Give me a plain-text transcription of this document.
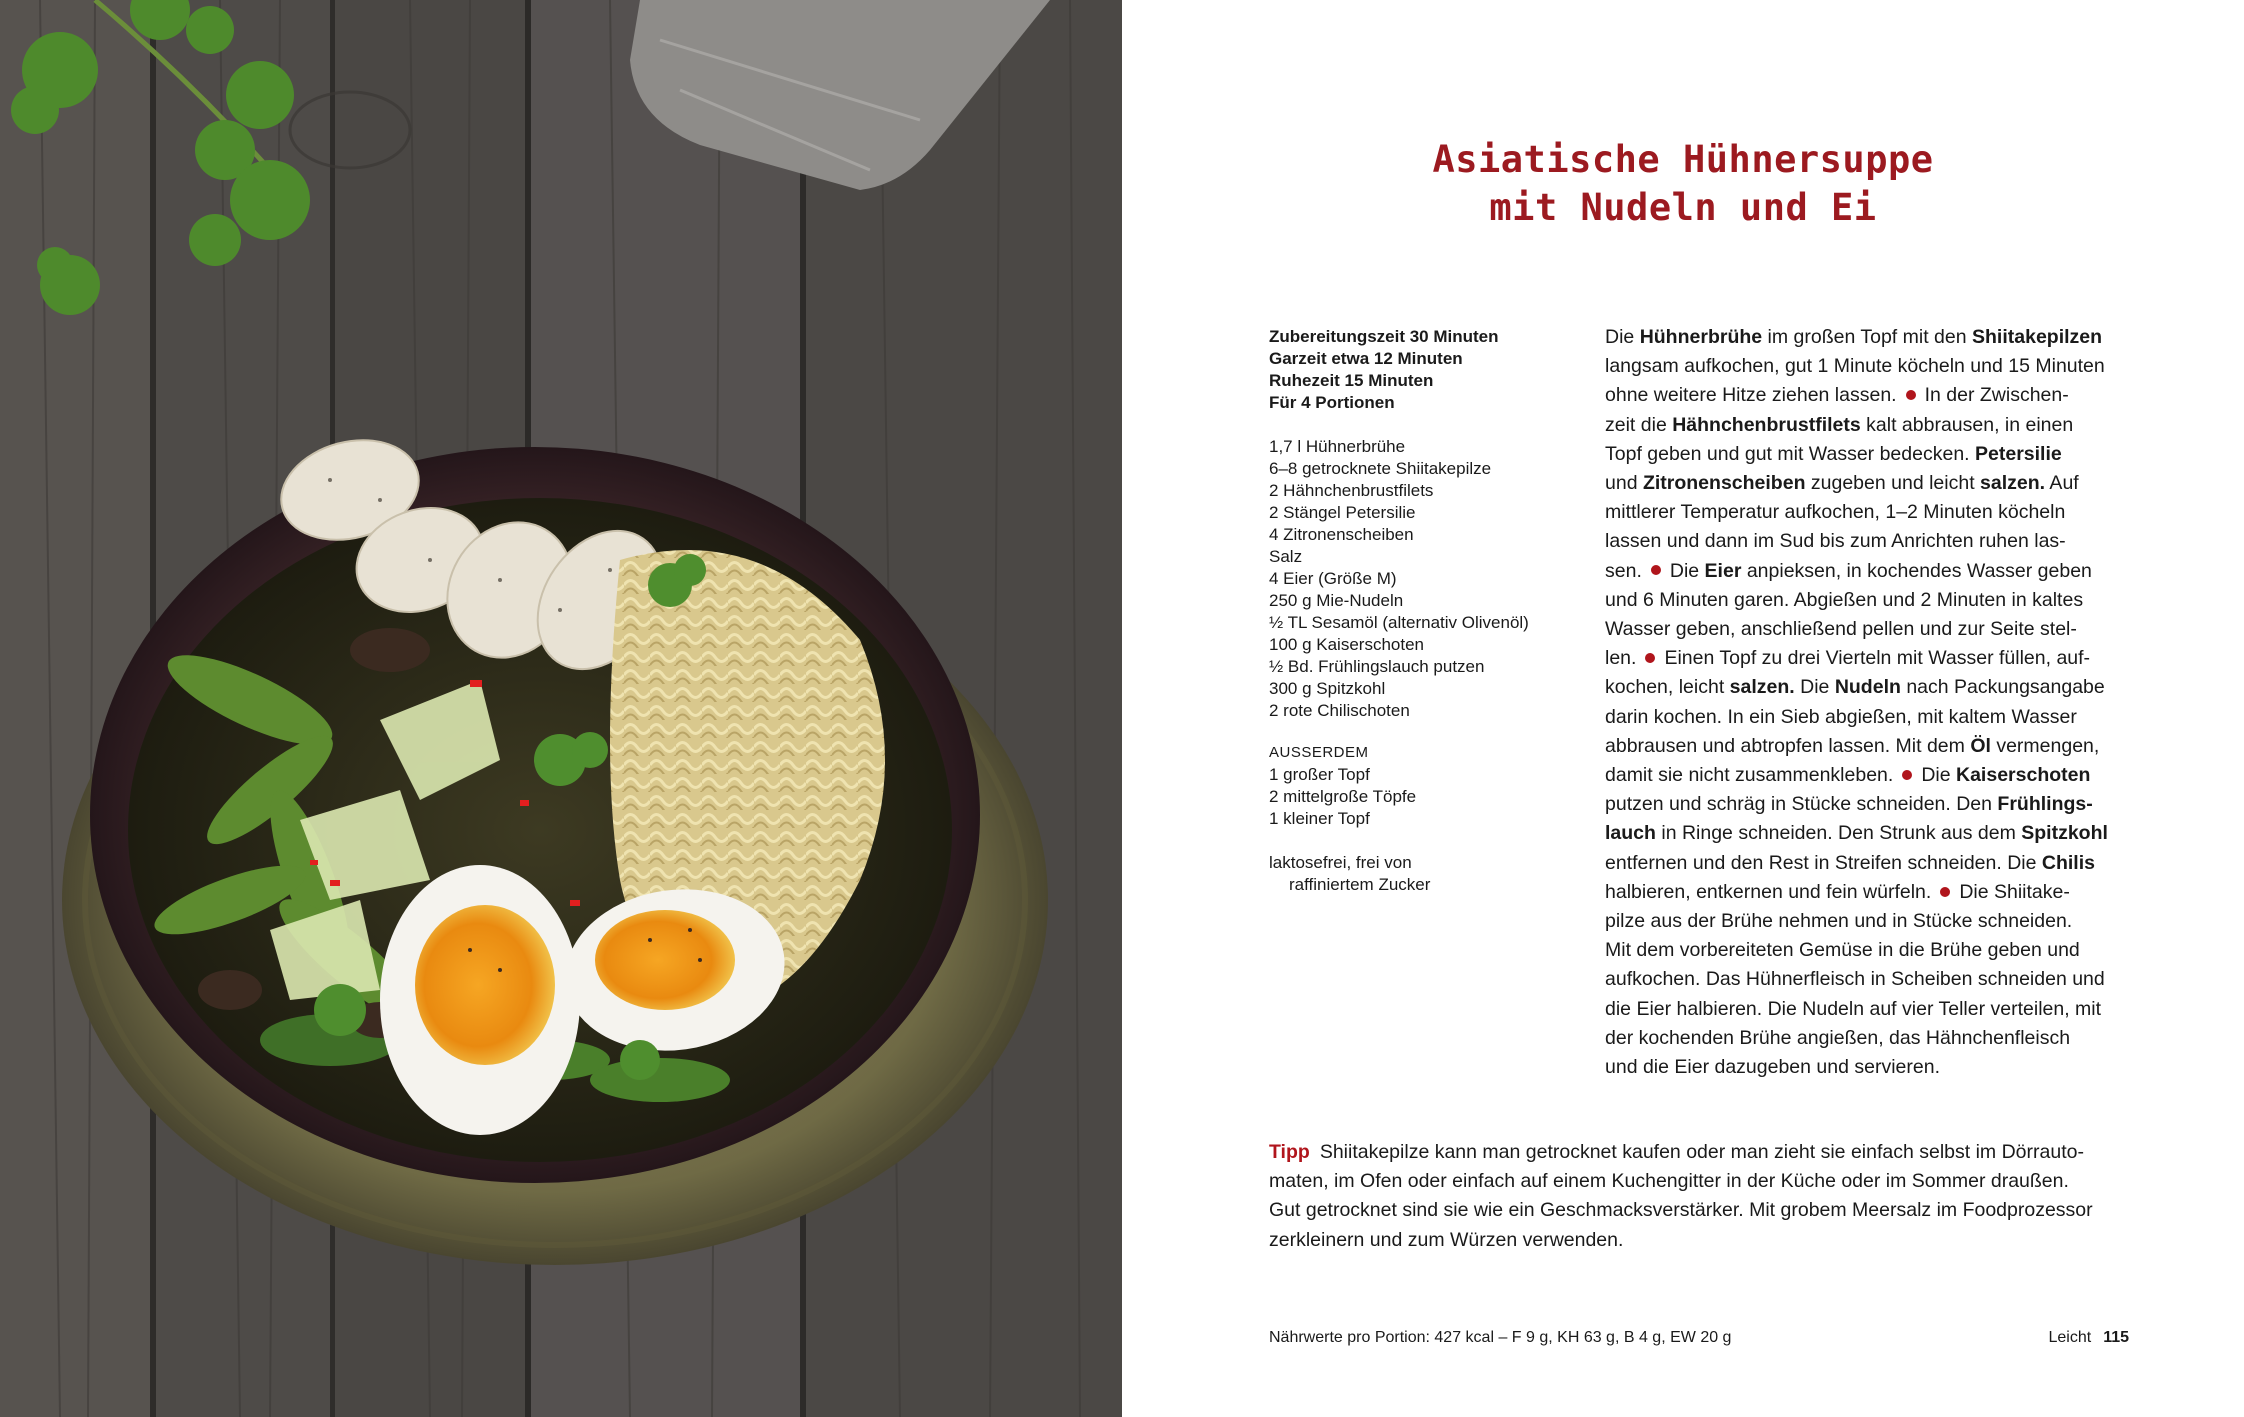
Asiatische Hühnersuppe
mit Nudeln und Ei
Zubereitungszeit 30 Minuten
Garzeit etwa 12 Minuten
Ruhezeit 15 Minuten
Für 4 Portionen
1,7 l Hühnerbrühe
6–8 getrocknete Shiitakepilze
2 Hähnchenbrustfilets
2 Stängel Petersilie
4 Zitronenscheiben
Salz
4 Eier (Größe M)
250 g Mie-Nudeln
½ TL Sesamöl (alternativ Olivenöl)
100 g Kaiserschoten
½ Bd. Frühlingslauch putzen
300 g Spitzkohl
2 rote Chilischoten
AUSSERDEM
1 großer Topf
2 mittelgroße Töpfe
1 kleiner Topf
laktosefrei, frei von
raffiniertem Zucker
Die Hühnerbrühe im großen Topf mit den Shiitakepilzen
langsam aufkochen, gut 1 Minute köcheln und 15 Minuten
ohne weitere Hitze ziehen lassen. In der Zwischen-
zeit die Hähnchenbrustfilets kalt abbrausen, in einen
Topf geben und gut mit Wasser bedecken. Petersilie
und Zitronenscheiben zugeben und leicht salzen. Auf
mittlerer Temperatur aufkochen, 1–2 Minuten köcheln
lassen und dann im Sud bis zum Anrichten ruhen las-
sen. Die Eier anpieksen, in kochendes Wasser geben
und 6 Minuten garen. Abgießen und 2 Minuten in kaltes
Wasser geben, anschließend pellen und zur Seite stel-
len. Einen Topf zu drei Vierteln mit Wasser füllen, auf-
kochen, leicht salzen. Die Nudeln nach Packungsangabe
darin kochen. In ein Sieb abgießen, mit kaltem Wasser
abbrausen und abtropfen lassen. Mit dem Öl vermengen,
damit sie nicht zusammenkleben. Die Kaiserschoten
putzen und schräg in Stücke schneiden. Den Frühlings-
lauch in Ringe schneiden. Den Strunk aus dem Spitzkohl
entfernen und den Rest in Streifen schneiden. Die Chilis
halbieren, entkernen und fein würfeln. Die Shiitake-
pilze aus der Brühe nehmen und in Stücke schneiden.
Mit dem vorbereiteten Gemüse in die Brühe geben und
aufkochen. Das Hühnerfleisch in Scheiben schneiden und
die Eier halbieren. Die Nudeln auf vier Teller verteilen, mit
der kochenden Brühe angießen, das Hähnchenfleisch
und die Eier dazugeben und servieren.
Tipp Shiitakepilze kann man getrocknet kaufen oder man zieht sie einfach selbst im Dörrauto-
maten, im Ofen oder einfach auf einem Kuchengitter in der Küche oder im Sommer draußen.
Gut getrocknet sind sie wie ein Geschmacksverstärker. Mit grobem Meersalz im Foodprozessor
zerkleinern und zum Würzen verwenden.
Nährwerte pro Portion: 427 kcal – F 9 g, KH 63 g, B 4 g, EW 20 g	Leicht 115
